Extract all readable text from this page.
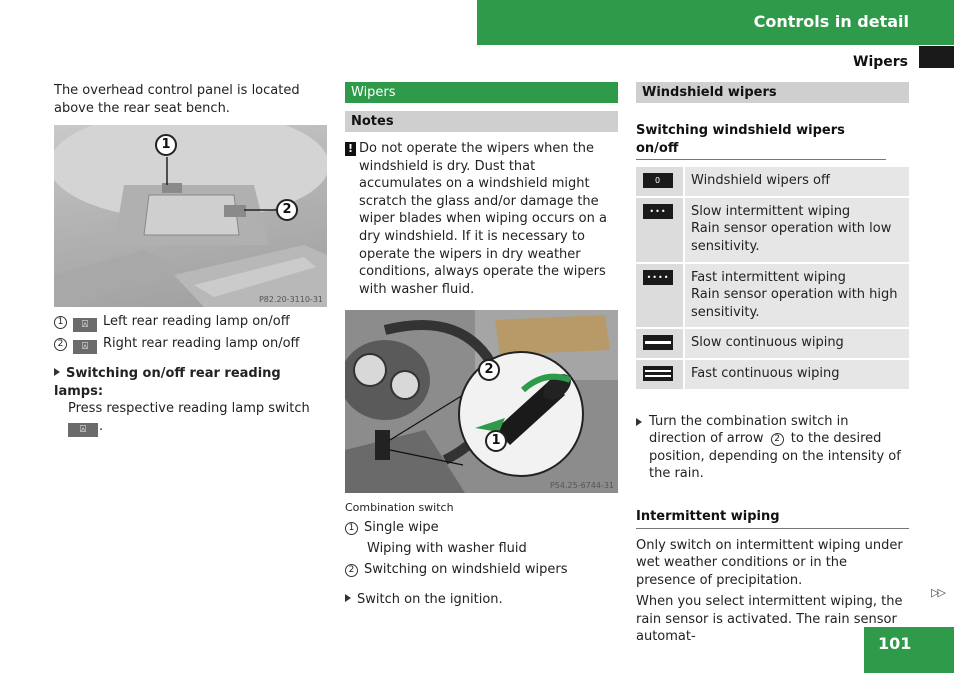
Controls in detail
Wipers

The overhead control panel is located above the rear seat bench.

1
2
P82.20-3110-31
1 ⍓ Left rear reading lamp on/off
2 ⍓ Right rear reading lamp on/off
Switching on/off rear reading lamps:
Press respective reading lamp switch
⍓ .
Wipers
Notes
! Do not operate the wipers when the windshield is dry. Dust that accumulates on a windshield might scratch the glass and/or damage the wiper blades when wiping occurs on a dry windshield. If it is necessary to operate the wipers in dry weather conditions, always operate the wipers with washer fluid.

2
1
P54.25-6744-31

Combination switch

1 Single wipe
Wiping with washer fluid
2 Switching on windshield wipers
Switch on the ignition.
Windshield wipers
Switching windshield wipers on/off
0	Windshield wipers off

•••	Slow intermittent wiping
Rain sensor operation with low sensitivity.

••••	Fast intermittent wiping
Rain sensor operation with high sensitivity.

	Slow continuous wiping

	Fast continuous wiping
Turn the combination switch in direction of arrow 2 to the desired position, depending on the intensity of the rain.
Intermittent wiping

Only switch on intermittent wiping under wet weather conditions or in the presence of precipitation.

When you select intermittent wiping, the rain sensor is activated. The rain sensor automat-

▷▷
101
